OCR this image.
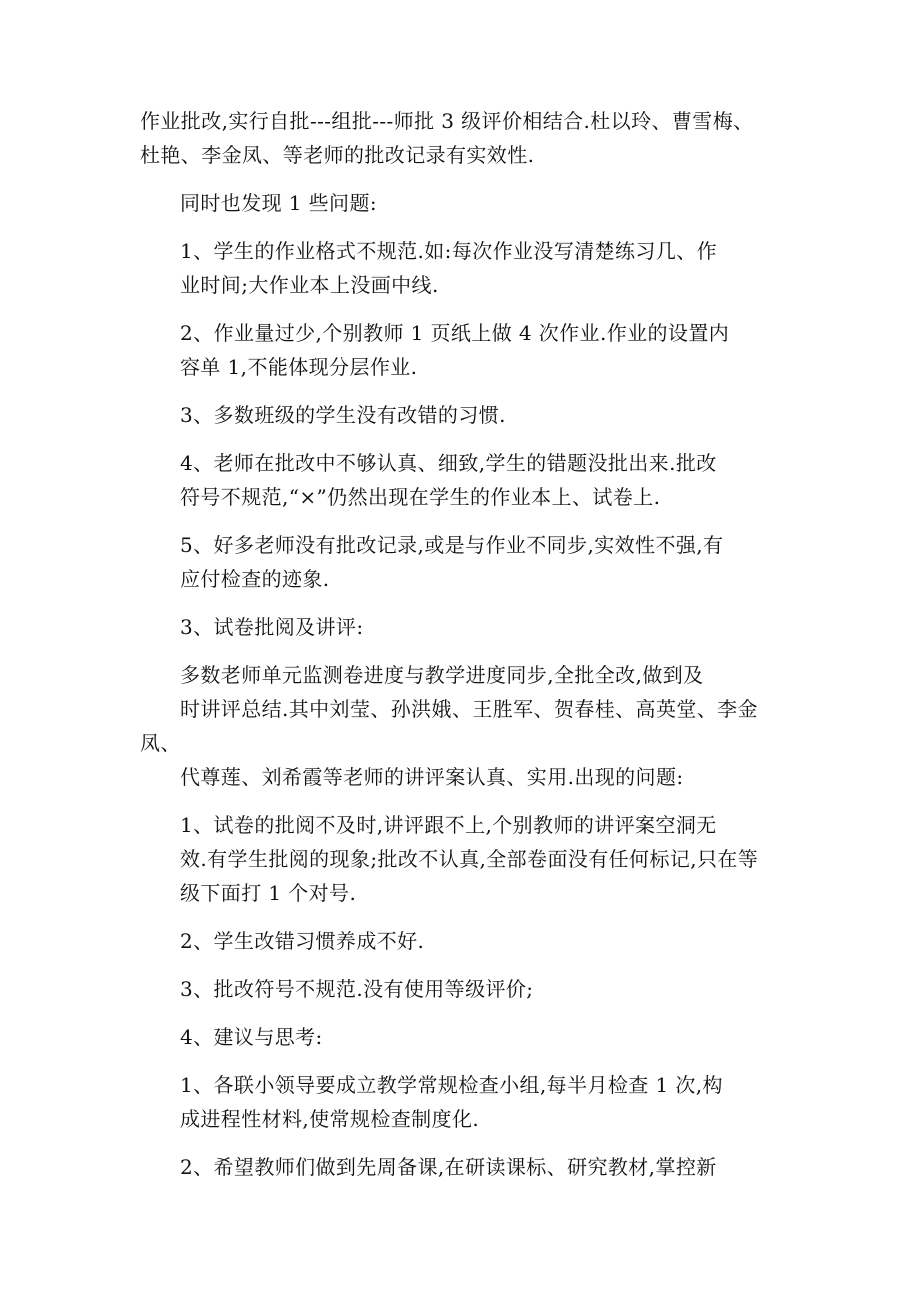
作业批改,实行自批---组批---师批 3 级评价相结合.杜以玲、曹雪梅、
杜艳、李金凤、等老师的批改记录有实效性.

同时也发现 1 些问题:

1、学生的作业格式不规范.如:每次作业没写清楚练习几、作
业时间;大作业本上没画中线.

2、作业量过少,个别教师 1 页纸上做 4 次作业.作业的设置内
容单 1,不能体现分层作业.

3、多数班级的学生没有改错的习惯.

4、老师在批改中不够认真、细致,学生的错题没批出来.批改
符号不规范,“×”仍然出现在学生的作业本上、试卷上.

5、好多老师没有批改记录,或是与作业不同步,实效性不强,有
应付检查的迹象.

3、试卷批阅及讲评:

多数老师单元监测卷进度与教学进度同步,全批全改,做到及
时讲评总结.其中刘莹、孙洪娥、王胜军、贺春桂、高英堂、李金凤、
代尊莲、刘希霞等老师的讲评案认真、实用.出现的问题:

1、试卷的批阅不及时,讲评跟不上,个别教师的讲评案空洞无
效.有学生批阅的现象;批改不认真,全部卷面没有任何标记,只在等
级下面打 1 个对号.

2、学生改错习惯养成不好.

3、批改符号不规范.没有使用等级评价;

4、建议与思考:

1、各联小领导要成立教学常规检查小组,每半月检查 1 次,构
成进程性材料,使常规检查制度化.

2、希望教师们做到先周备课,在研读课标、研究教材,掌控新
